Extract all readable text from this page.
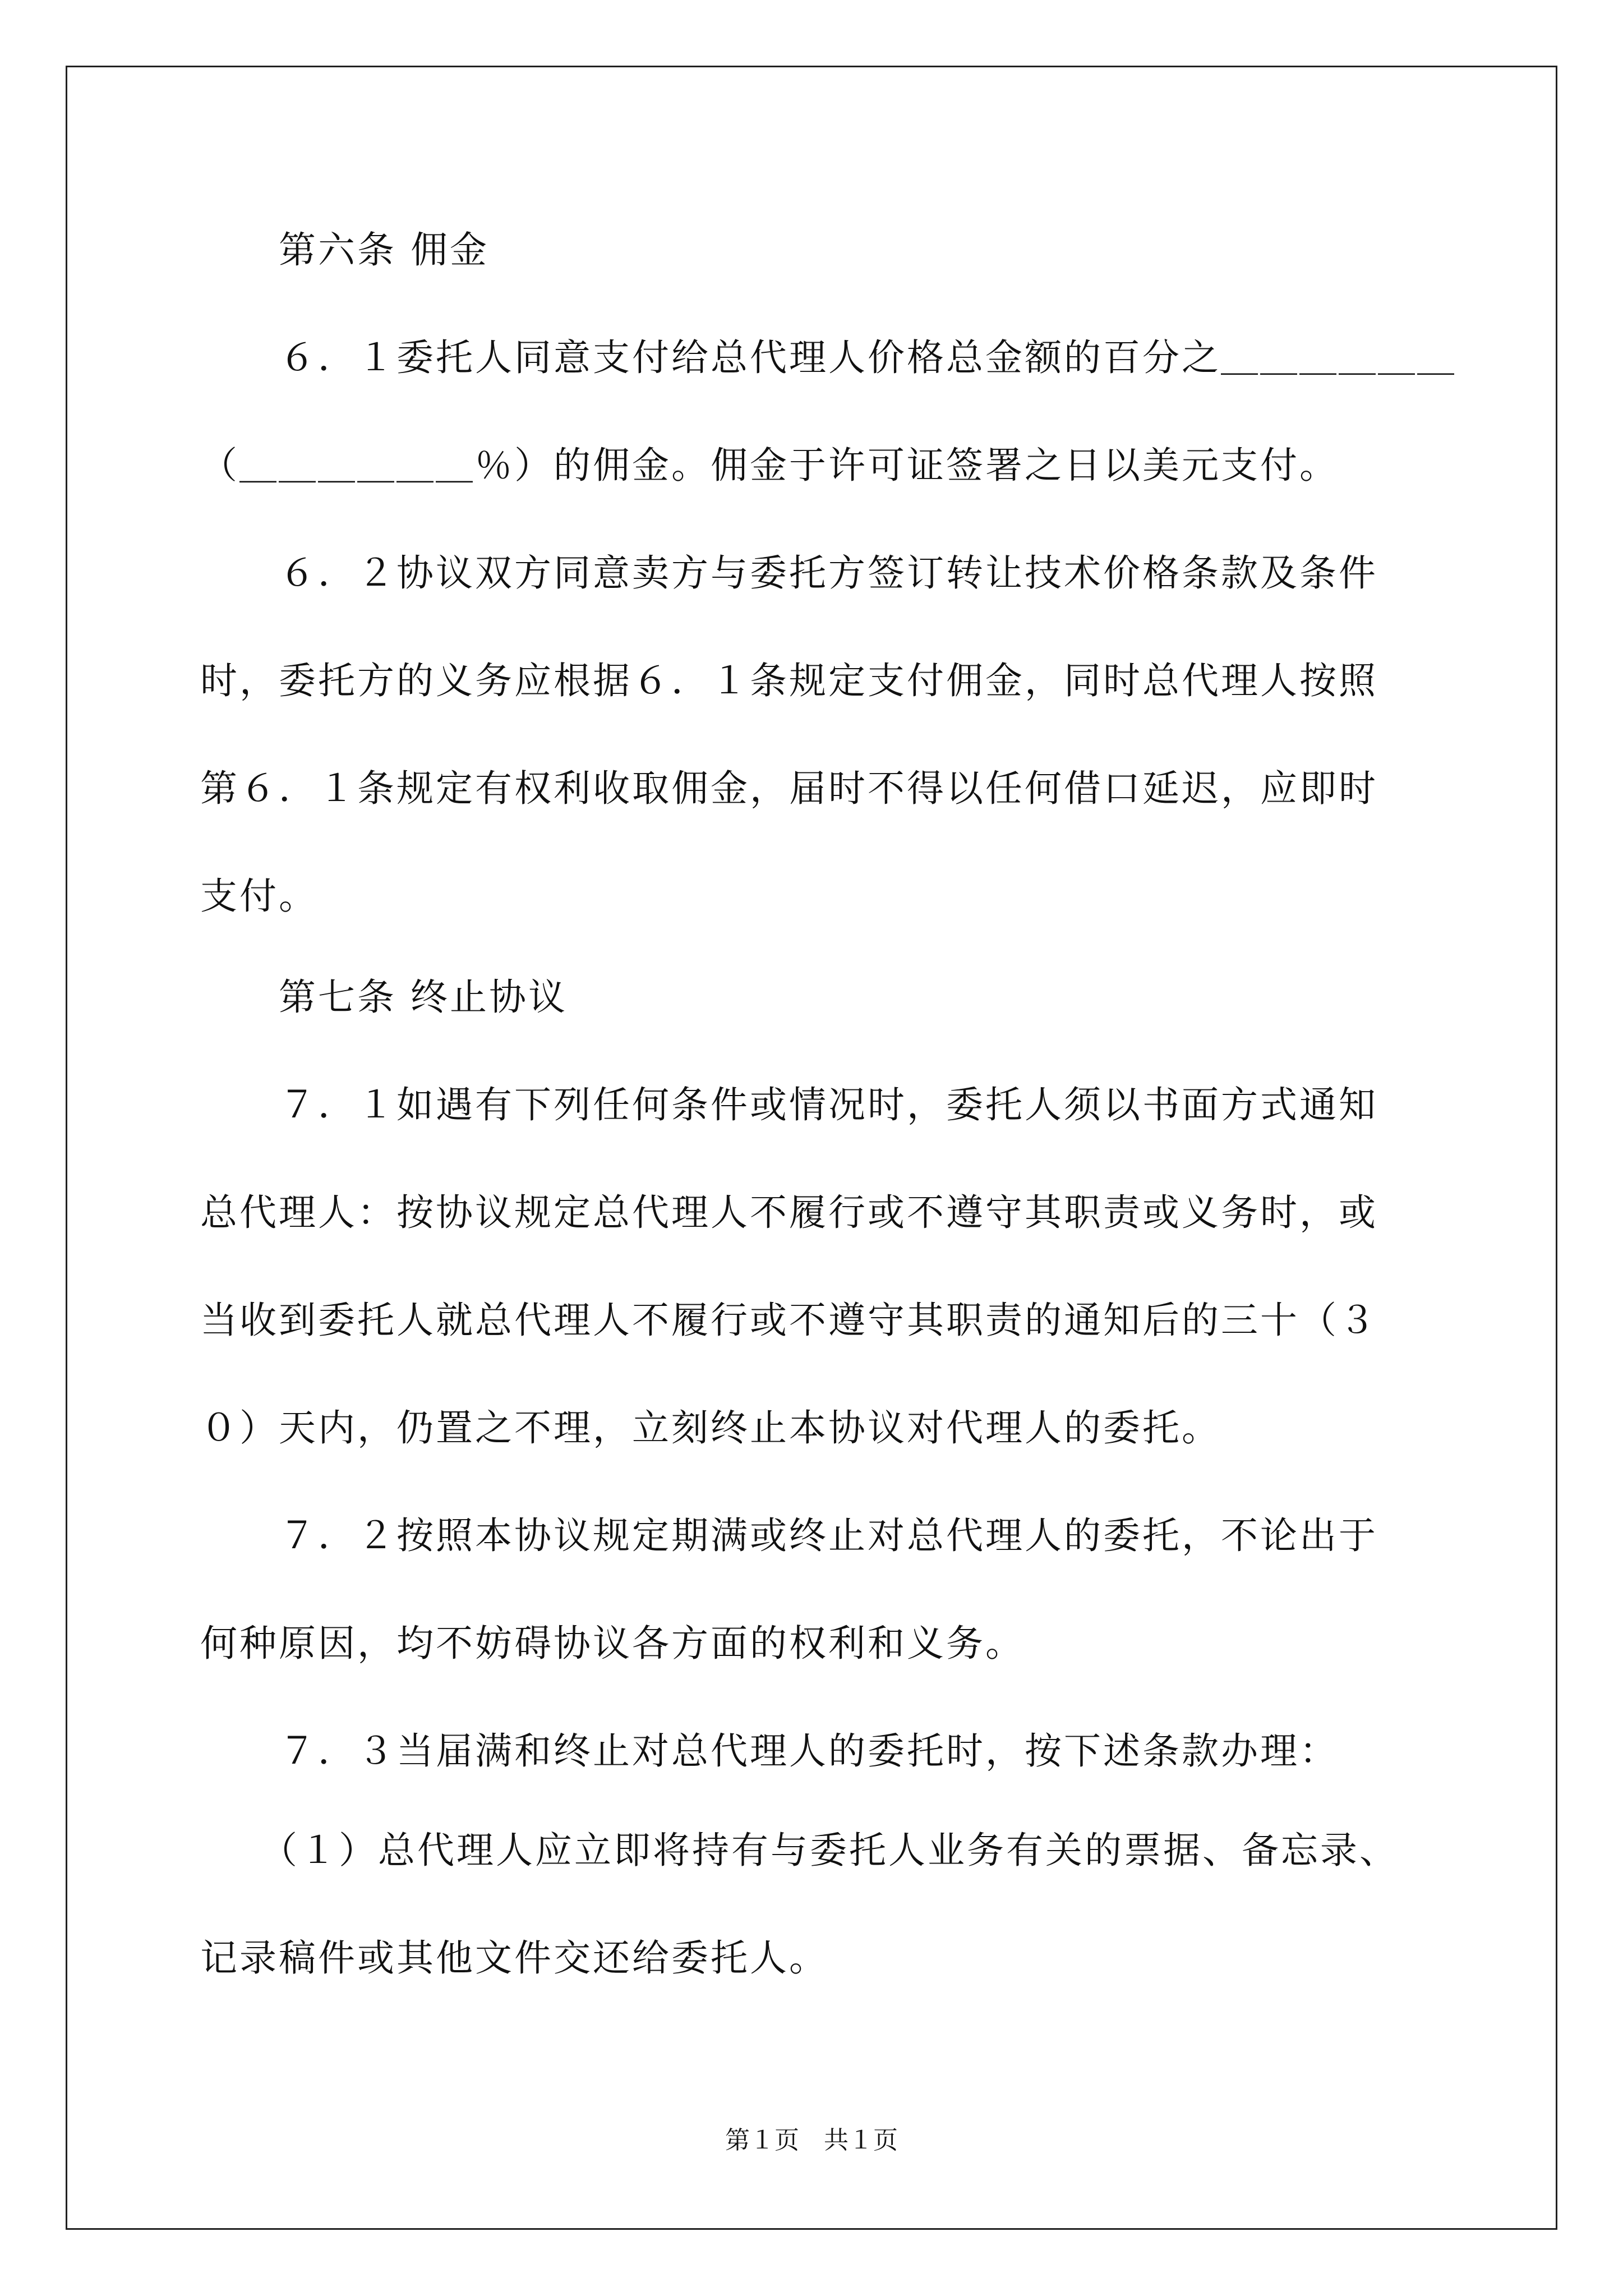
　　第六条 佣金
　　６．１委托人同意支付给总代理人价格总金额的百分之＿＿＿＿＿＿
（＿＿＿＿＿＿％）的佣金。佣金于许可证签署之日以美元支付。
　　６．２协议双方同意卖方与委托方签订转让技术价格条款及条件
时，委托方的义务应根据６．１条规定支付佣金，同时总代理人按照
第６．１条规定有权利收取佣金，届时不得以任何借口延迟，应即时
支付。
　　第七条 终止协议
　　７．１如遇有下列任何条件或情况时，委托人须以书面方式通知
总代理人：按协议规定总代理人不履行或不遵守其职责或义务时，或
当收到委托人就总代理人不履行或不遵守其职责的通知后的三十（３
０）天内，仍置之不理，立刻终止本协议对代理人的委托。
　　７．２按照本协议规定期满或终止对总代理人的委托，不论出于
何种原因，均不妨碍协议各方面的权利和义务。
　　７．３当届满和终止对总代理人的委托时，按下述条款办理：
　　（１）总代理人应立即将持有与委托人业务有关的票据、备忘录、
记录稿件或其他文件交还给委托人。
第１页　共１页
